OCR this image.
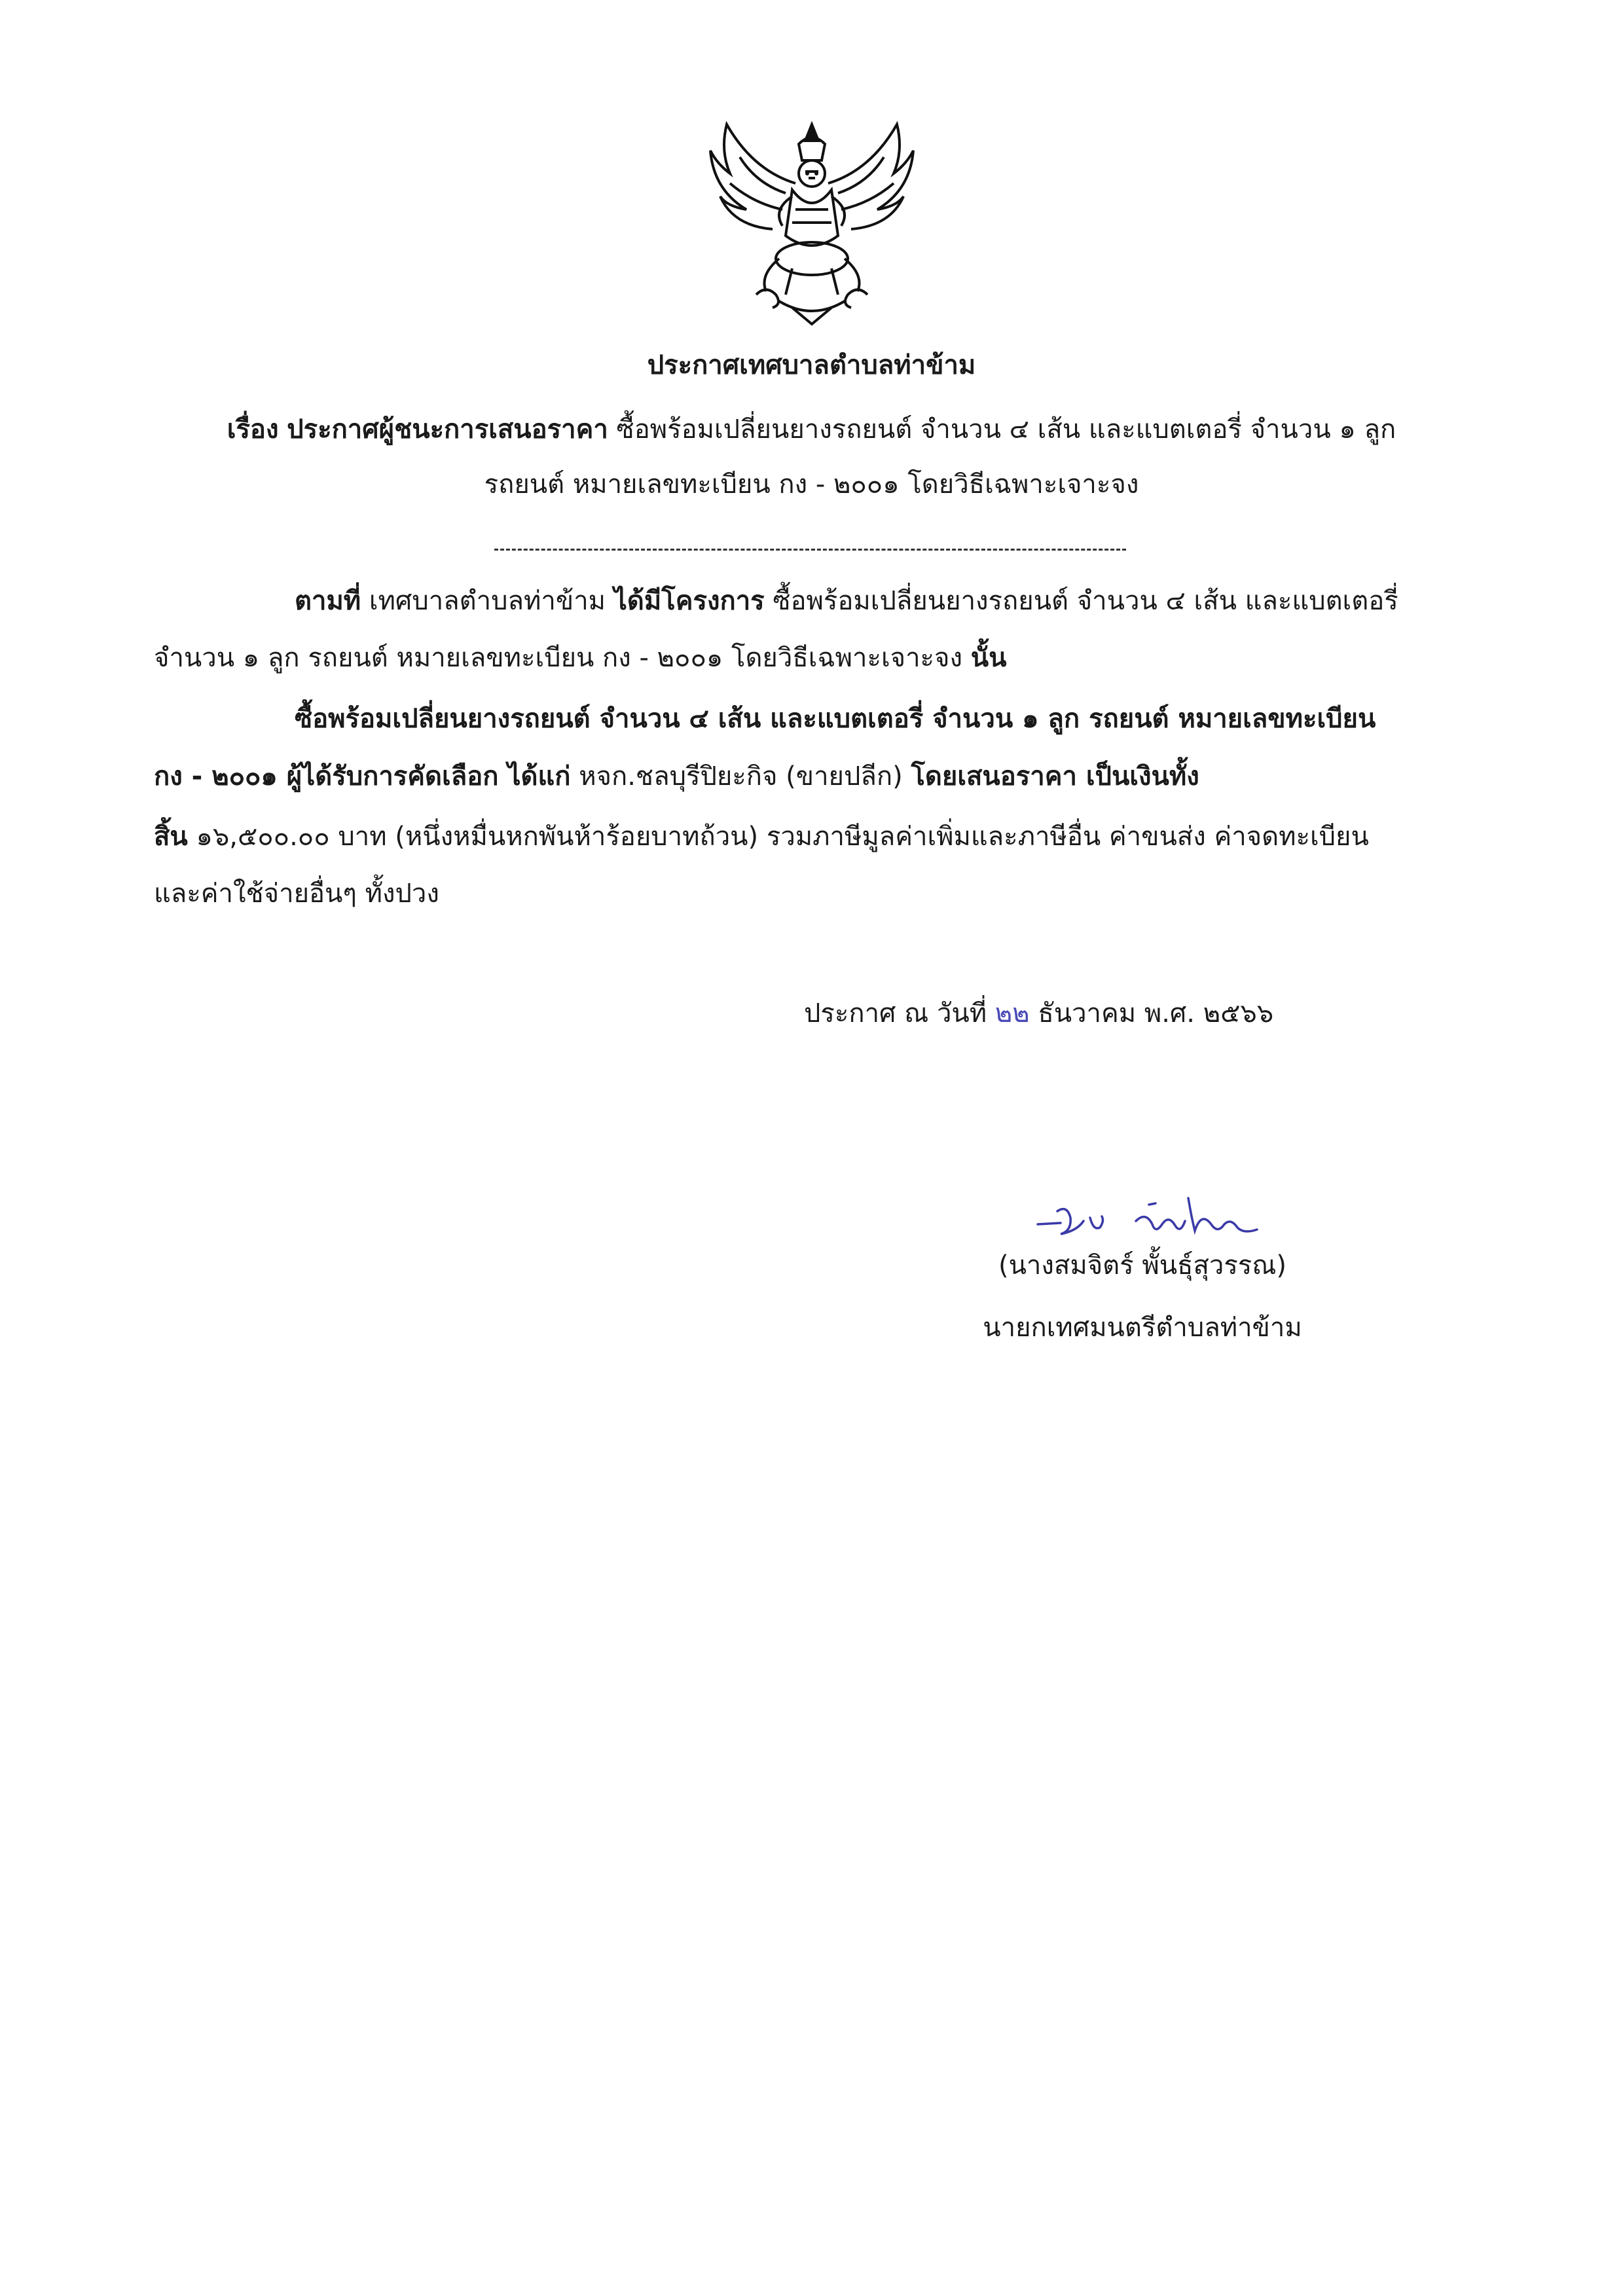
ประกาศเทศบาลตำบลท่าข้าม
เรื่อง ประกาศผู้ชนะการเสนอราคา ซื้อพร้อมเปลี่ยนยางรถยนต์ จำนวน ๔ เส้น และแบตเตอรี่ จำนวน ๑ ลูก
รถยนต์ หมายเลขทะเบียน กง - ๒๐๐๑ โดยวิธีเฉพาะเจาะจง
ตามที่ เทศบาลตำบลท่าข้าม ได้มีโครงการ ซื้อพร้อมเปลี่ยนยางรถยนต์ จำนวน ๔ เส้น และแบตเตอรี่
จำนวน ๑ ลูก รถยนต์ หมายเลขทะเบียน กง - ๒๐๐๑ โดยวิธีเฉพาะเจาะจง นั้น
ซื้อพร้อมเปลี่ยนยางรถยนต์ จำนวน ๔ เส้น และแบตเตอรี่ จำนวน ๑ ลูก รถยนต์ หมายเลขทะเบียน
กง - ๒๐๐๑ ผู้ได้รับการคัดเลือก ได้แก่ หจก.ชลบุรีปิยะกิจ (ขายปลีก) โดยเสนอราคา เป็นเงินทั้ง
สิ้น ๑๖,๕๐๐.๐๐ บาท (หนึ่งหมื่นหกพันห้าร้อยบาทถ้วน) รวมภาษีมูลค่าเพิ่มและภาษีอื่น ค่าขนส่ง ค่าจดทะเบียน
และค่าใช้จ่ายอื่นๆ ทั้งปวง
ประกาศ ณ วันที่ ๒๒ ธันวาคม พ.ศ. ๒๕๖๖
(นางสมจิตร์ พั้นธุ์สุวรรณ)
นายกเทศมนตรีตำบลท่าข้าม
